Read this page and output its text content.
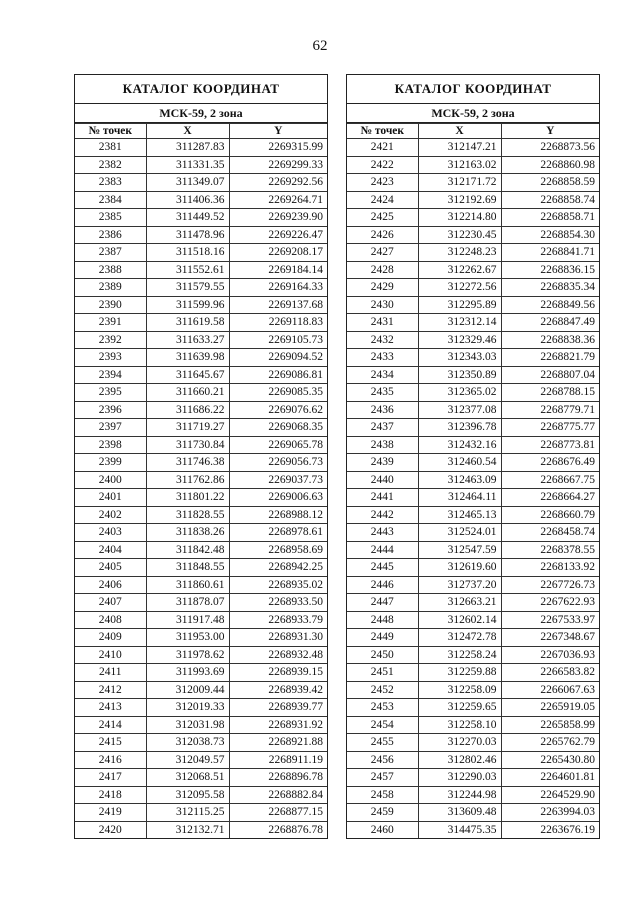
62
КАТАЛОГ КООРДИНАТ
МСК-59, 2 зона
№ точек	X	Y
2381	311287.83	2269315.99
2382	311331.35	2269299.33
2383	311349.07	2269292.56
2384	311406.36	2269264.71
2385	311449.52	2269239.90
2386	311478.96	2269226.47
2387	311518.16	2269208.17
2388	311552.61	2269184.14
2389	311579.55	2269164.33
2390	311599.96	2269137.68
2391	311619.58	2269118.83
2392	311633.27	2269105.73
2393	311639.98	2269094.52
2394	311645.67	2269086.81
2395	311660.21	2269085.35
2396	311686.22	2269076.62
2397	311719.27	2269068.35
2398	311730.84	2269065.78
2399	311746.38	2269056.73
2400	311762.86	2269037.73
2401	311801.22	2269006.63
2402	311828.55	2268988.12
2403	311838.26	2268978.61
2404	311842.48	2268958.69
2405	311848.55	2268942.25
2406	311860.61	2268935.02
2407	311878.07	2268933.50
2408	311917.48	2268933.79
2409	311953.00	2268931.30
2410	311978.62	2268932.48
2411	311993.69	2268939.15
2412	312009.44	2268939.42
2413	312019.33	2268939.77
2414	312031.98	2268931.92
2415	312038.73	2268921.88
2416	312049.57	2268911.19
2417	312068.51	2268896.78
2418	312095.58	2268882.84
2419	312115.25	2268877.15
2420	312132.71	2268876.78
КАТАЛОГ КООРДИНАТ
МСК-59, 2 зона
№ точек	X	Y
2421	312147.21	2268873.56
2422	312163.02	2268860.98
2423	312171.72	2268858.59
2424	312192.69	2268858.74
2425	312214.80	2268858.71
2426	312230.45	2268854.30
2427	312248.23	2268841.71
2428	312262.67	2268836.15
2429	312272.56	2268835.34
2430	312295.89	2268849.56
2431	312312.14	2268847.49
2432	312329.46	2268838.36
2433	312343.03	2268821.79
2434	312350.89	2268807.04
2435	312365.02	2268788.15
2436	312377.08	2268779.71
2437	312396.78	2268775.77
2438	312432.16	2268773.81
2439	312460.54	2268676.49
2440	312463.09	2268667.75
2441	312464.11	2268664.27
2442	312465.13	2268660.79
2443	312524.01	2268458.74
2444	312547.59	2268378.55
2445	312619.60	2268133.92
2446	312737.20	2267726.73
2447	312663.21	2267622.93
2448	312602.14	2267533.97
2449	312472.78	2267348.67
2450	312258.24	2267036.93
2451	312259.88	2266583.82
2452	312258.09	2266067.63
2453	312259.65	2265919.05
2454	312258.10	2265858.99
2455	312270.03	2265762.79
2456	312802.46	2265430.80
2457	312290.03	2264601.81
2458	312244.98	2264529.90
2459	313609.48	2263994.03
2460	314475.35	2263676.19
